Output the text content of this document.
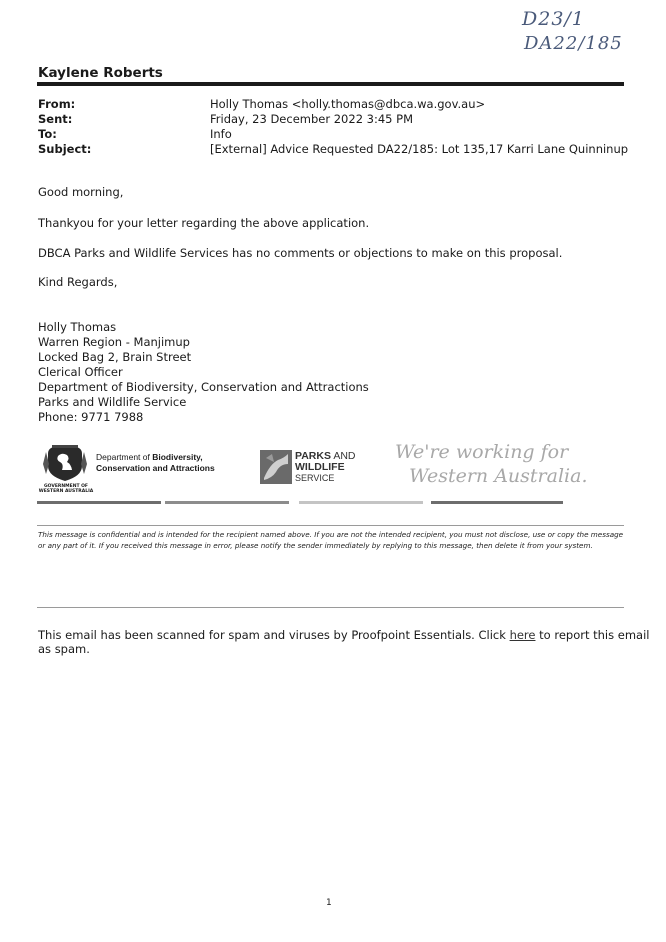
D23/1
DA22/185
Kaylene Roberts
From:	Holly Thomas <holly.thomas@dbca.wa.gov.au>
Sent:	Friday, 23 December 2022 3:45 PM
To:	Info
Subject:	[External] Advice Requested DA22/185: Lot 135,17 Karri Lane Quinninup
Good morning,
Thankyou for your letter regarding the above application.
DBCA Parks and Wildlife Services has no comments or objections to make on this proposal.
Kind Regards,
Holly Thomas
Warren Region - Manjimup
Locked Bag 2, Brain Street
Clerical Officer
Department of Biodiversity, Conservation and Attractions
Parks and Wildlife Service
Phone: 9771 7988
GOVERNMENT OF
WESTERN AUSTRALIA
Department of Biodiversity,
Conservation and Attractions
PARKS AND
WILDLIFE
SERVICE
We're working for
Western Australia.
This message is confidential and is intended for the recipient named above. If you are not the intended recipient, you must not disclose, use or copy the message or any part of it. If you received this message in error, please notify the sender immediately by replying to this message, then delete it from your system.
This email has been scanned for spam and viruses by Proofpoint Essentials. Click here to report this email as spam.
1
